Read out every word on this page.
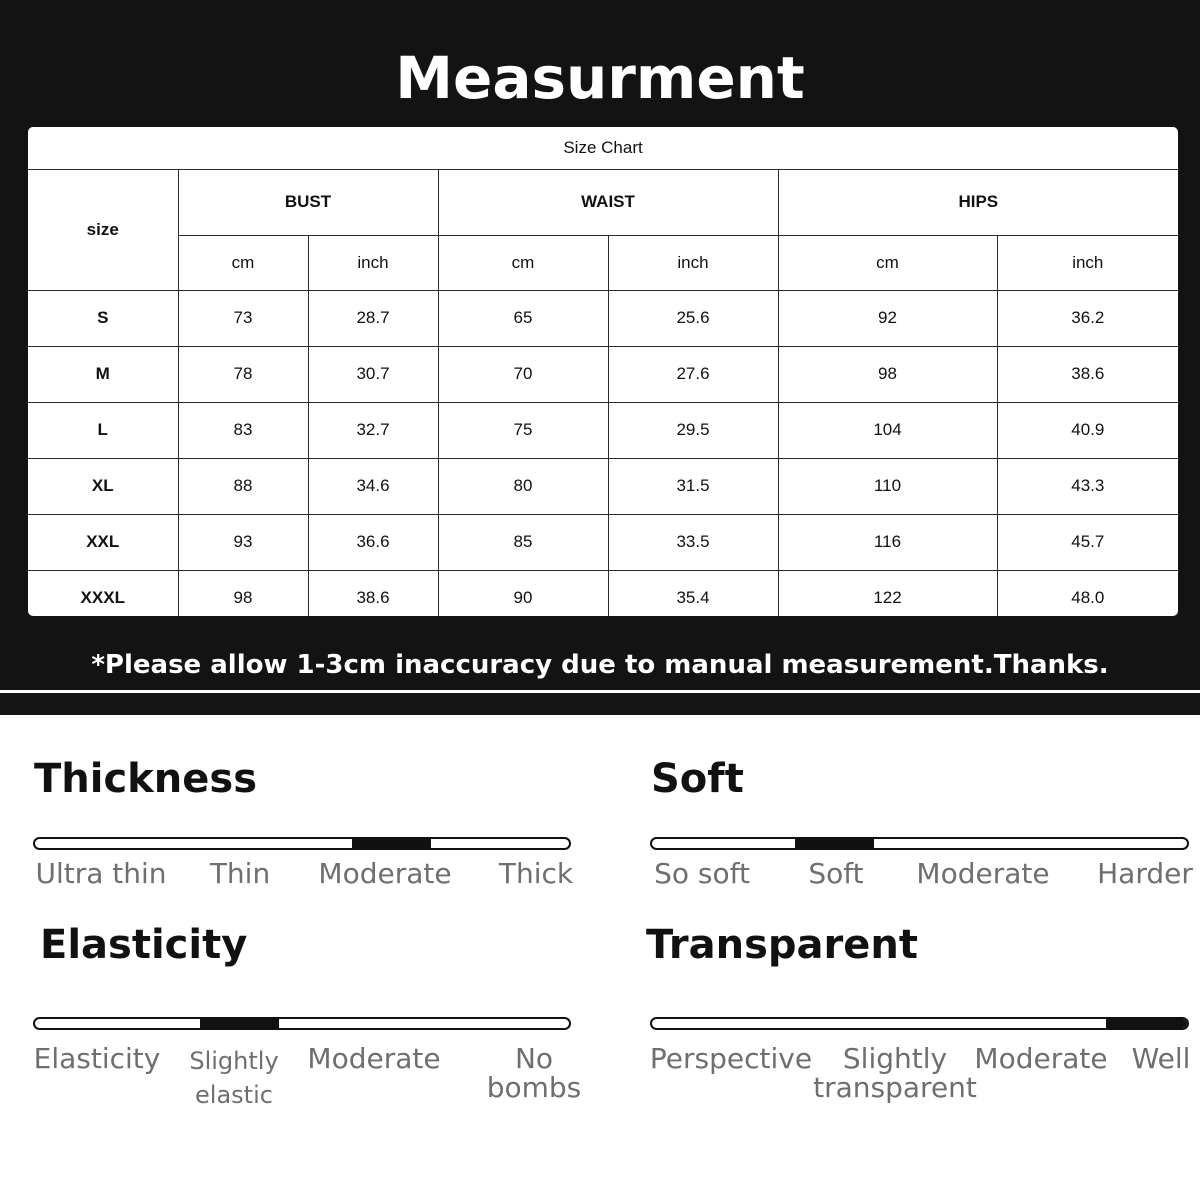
Measurment
Size Chart						
size	BUST		WAIST		HIPS	
	cm	inch	cm	inch	cm	inch
S	73	28.7	65	25.6	92	36.2
M	78	30.7	70	27.6	98	38.6
L	83	32.7	75	29.5	104	40.9
XL	88	34.6	80	31.5	110	43.3
XXL	93	36.6	85	33.5	116	45.7
XXXL	98	38.6	90	35.4	122	48.0
*Please allow 1-3cm inaccuracy due to manual measurement.Thanks.
Thickness
Ultra thin Thin Moderate Thick
Soft
So soft Soft Moderate Harder
Elasticity
Elasticity Slightly
elastic
Moderate	No
bombs
Transparent
Perspective Slightly
transparent
Moderate Well
